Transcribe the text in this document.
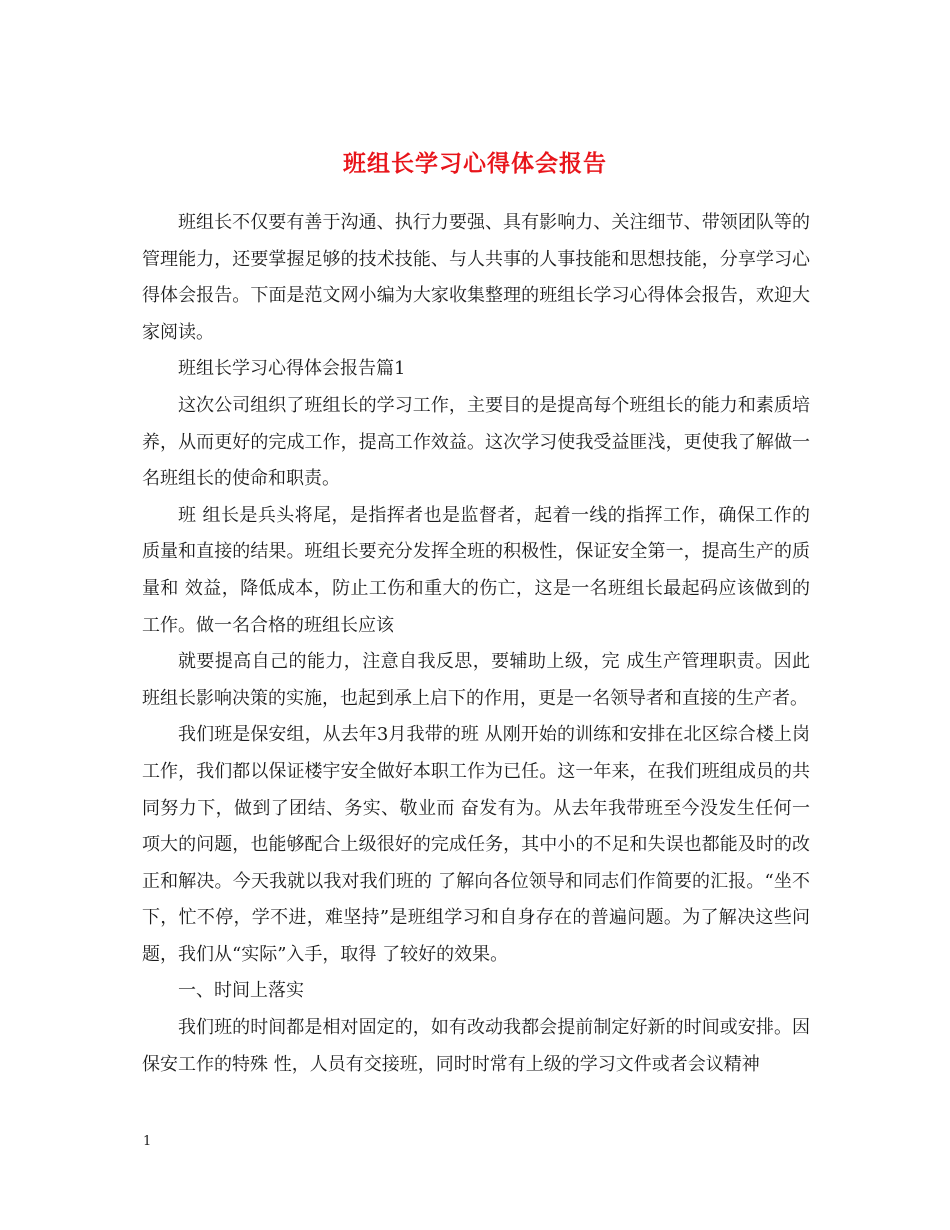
班组长学习心得体会报告

班组长不仅要有善于沟通、执行力要强、具有影响力、关注细节、带领团队等的管理能力，还要掌握足够的技术技能、与人共事的人事技能和思想技能，分享学习心得体会报告。下面是范文网小编为大家收集整理的班组长学习心得体会报告，欢迎大家阅读。

班组长学习心得体会报告篇1

这次公司组织了班组长的学习工作，主要目的是提高每个班组长的能力和素质培养，从而更好的完成工作，提高工作效益。这次学习使我受益匪浅，更使我了解做一名班组长的使命和职责。

班 组长是兵头将尾，是指挥者也是监督者，起着一线的指挥工作，确保工作的质量和直接的结果。班组长要充分发挥全班的积极性，保证安全第一，提高生产的质量和 效益，降低成本，防止工伤和重大的伤亡，这是一名班组长最起码应该做到的工作。做一名合格的班组长应该

就要提高自己的能力，注意自我反思，要辅助上级，完 成生产管理职责。因此班组长影响决策的实施，也起到承上启下的作用，更是一名领导者和直接的生产者。

我们班是保安组，从去年3月我带的班 从刚开始的训练和安排在北区综合楼上岗工作，我们都以保证楼宇安全做好本职工作为已任。这一年来，在我们班组成员的共同努力下，做到了团结、务实、敬业而 奋发有为。从去年我带班至今没发生任何一项大的问题，也能够配合上级很好的完成任务，其中小的不足和失误也都能及时的改正和解决。今天我就以我对我们班的 了解向各位领导和同志们作简要的汇报。“坐不下，忙不停，学不进，难坚持”是班组学习和自身存在的普遍问题。为了解决这些问题，我们从“实际”入手，取得 了较好的效果。

一、时间上落实

我们班的时间都是相对固定的，如有改动我都会提前制定好新的时间或安排。因保安工作的特殊 性，人员有交接班，同时时常有上级的学习文件或者会议精神

1
